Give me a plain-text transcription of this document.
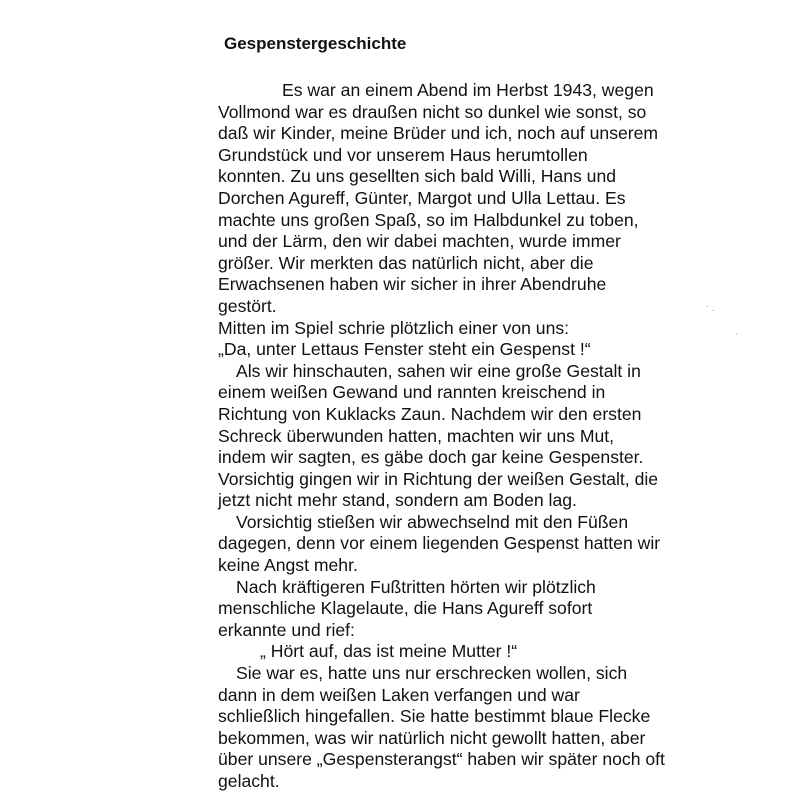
Gespenstergeschichte
Es war an einem Abend im Herbst 1943, wegen
Vollmond war es draußen nicht so dunkel wie sonst, so
daß wir Kinder, meine Brüder und ich, noch auf unserem
Grundstück und vor unserem Haus herumtollen
konnten. Zu uns gesellten sich bald Willi, Hans und
Dorchen Agureff, Günter, Margot und Ulla Lettau. Es
machte uns großen Spaß, so im Halbdunkel zu toben,
und der Lärm, den wir dabei machten, wurde immer
größer. Wir merkten das natürlich nicht, aber die
Erwachsenen haben wir sicher in ihrer Abendruhe
gestört.
Mitten im Spiel schrie plötzlich einer von uns:
„Da, unter Lettaus Fenster steht ein Gespenst !“
Als wir hinschauten, sahen wir eine große Gestalt in
einem weißen Gewand und rannten kreischend in
Richtung von Kuklacks Zaun. Nachdem wir den ersten
Schreck überwunden hatten, machten wir uns Mut,
indem wir sagten, es gäbe doch gar keine Gespenster.
Vorsichtig gingen wir in Richtung der weißen Gestalt, die
jetzt nicht mehr stand, sondern am Boden lag.
Vorsichtig stießen wir abwechselnd mit den Füßen
dagegen, denn vor einem liegenden Gespenst hatten wir
keine Angst mehr.
Nach kräftigeren Fußtritten hörten wir plötzlich
menschliche Klagelaute, die Hans Agureff sofort
erkannte und rief:
„ Hört auf, das ist meine Mutter !“
Sie war es, hatte uns nur erschrecken wollen, sich
dann in dem weißen Laken verfangen und war
schließlich hingefallen. Sie hatte bestimmt blaue Flecke
bekommen, was wir natürlich nicht gewollt hatten, aber
über unsere „Gespensterangst“ haben wir später noch oft
gelacht.
